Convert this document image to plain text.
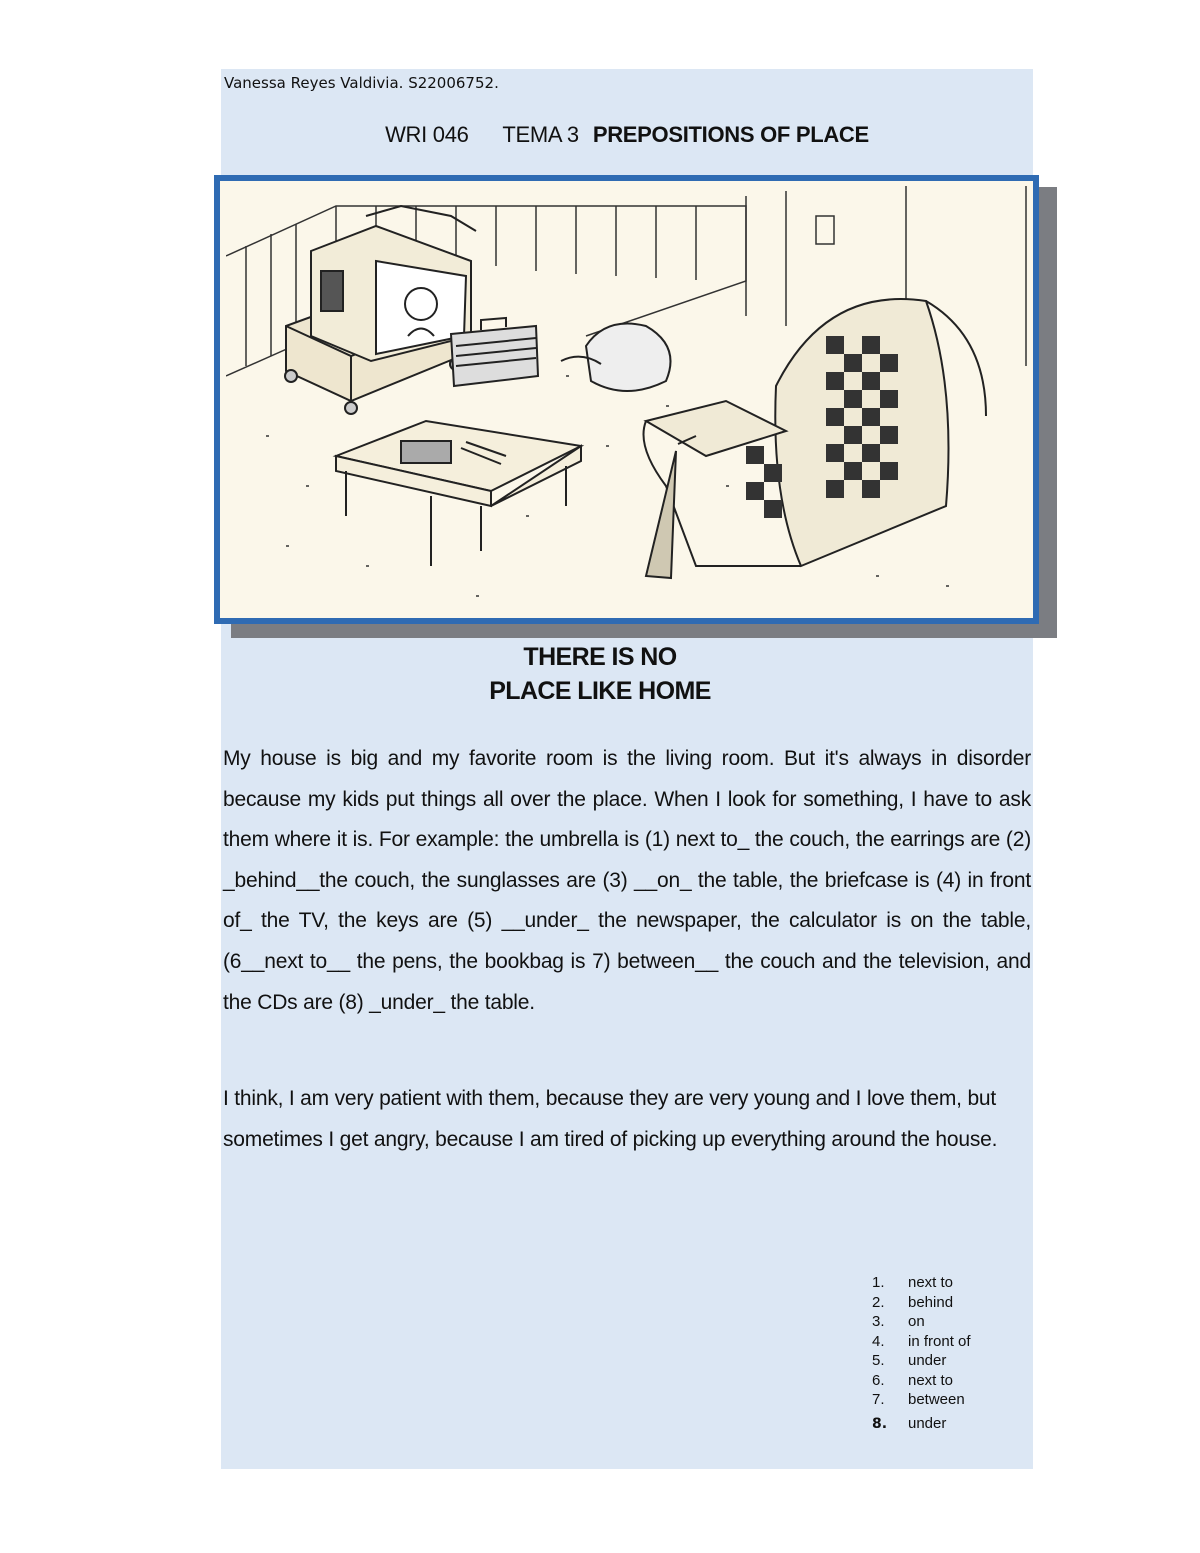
Vanessa Reyes Valdivia. S22006752.
WRI 046 TEMA 3 PREPOSITIONS OF PLACE
THERE IS NO
PLACE LIKE HOME
My house is big and my favorite room is the living room. But it's always in disorder because my kids put things all over the place. When I look for something, I have to ask them where it is. For example: the umbrella is (1) next to_ the couch, the earrings are (2) _behind__the couch, the sunglasses are (3) __on_ the table, the briefcase is (4) in front of_ the TV, the keys are (5) __under_ the newspaper, the calculator is on the table, (6__next to__ the pens, the bookbag is 7) between__ the couch and the television, and the CDs are (8) _under_ the table.
I think, I am very patient with them, because they are very young and I love them, but sometimes I get angry, because I am tired of picking up everything around the house.
1.	next to
2.	behind
3.	on
4.	in front of
5.	under
6.	next to
7.	between
8.	under
